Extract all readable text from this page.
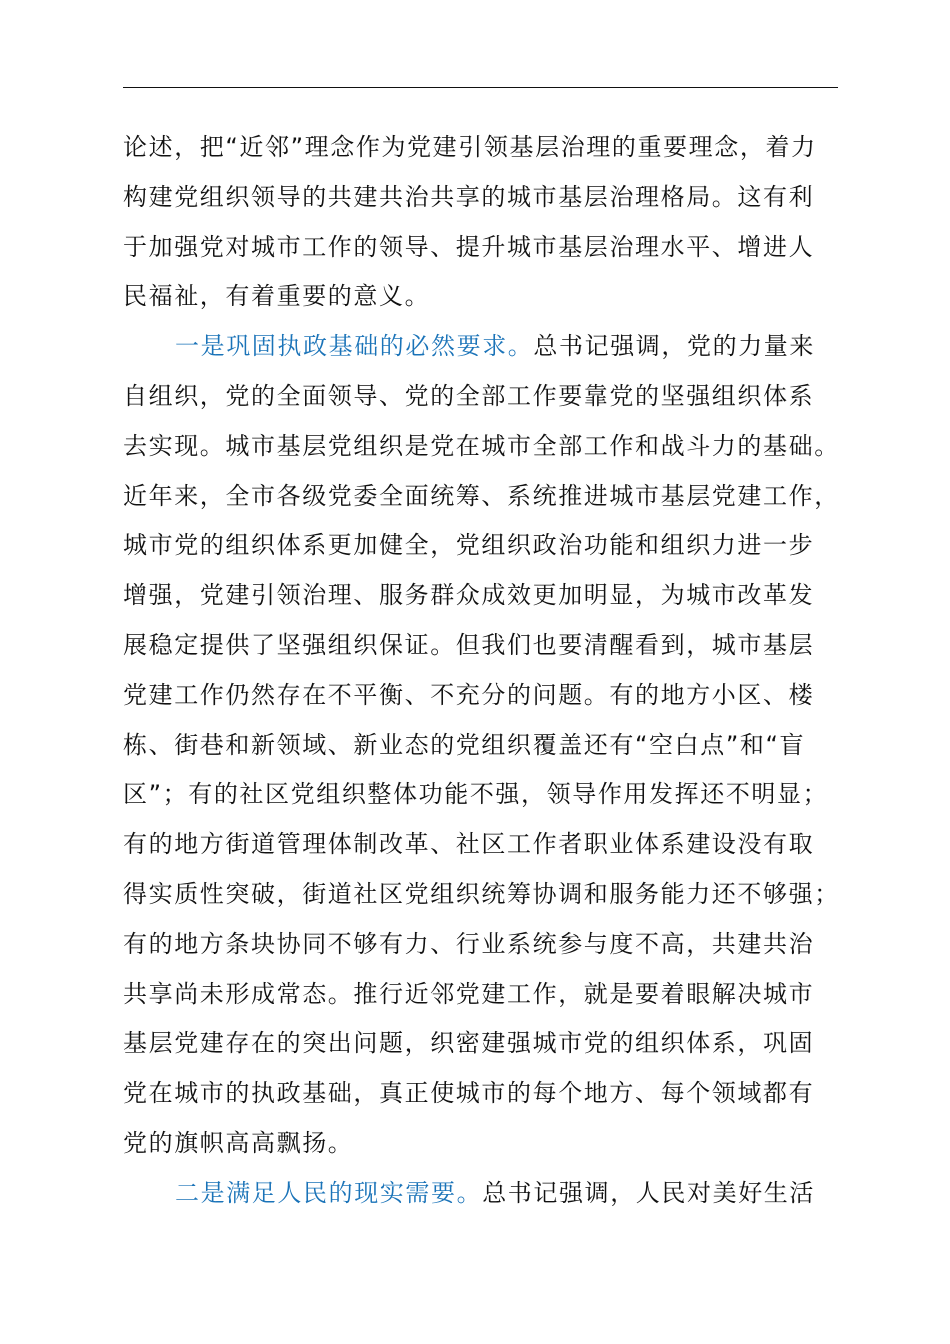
论述，把“近邻”理念作为党建引领基层治理的重要理念，着力
构建党组织领导的共建共治共享的城市基层治理格局。这有利
于加强党对城市工作的领导、提升城市基层治理水平、增进人
民福祉，有着重要的意义。
一是巩固执政基础的必然要求。总书记强调，党的力量来
自组织，党的全面领导、党的全部工作要靠党的坚强组织体系
去实现。城市基层党组织是党在城市全部工作和战斗力的基础。
近年来，全市各级党委全面统筹、系统推进城市基层党建工作，
城市党的组织体系更加健全，党组织政治功能和组织力进一步
增强，党建引领治理、服务群众成效更加明显，为城市改革发
展稳定提供了坚强组织保证。但我们也要清醒看到，城市基层
党建工作仍然存在不平衡、不充分的问题。有的地方小区、楼
栋、街巷和新领域、新业态的党组织覆盖还有“空白点”和“盲
区”；有的社区党组织整体功能不强，领导作用发挥还不明显；
有的地方街道管理体制改革、社区工作者职业体系建设没有取
得实质性突破，街道社区党组织统筹协调和服务能力还不够强；
有的地方条块协同不够有力、行业系统参与度不高，共建共治
共享尚未形成常态。推行近邻党建工作，就是要着眼解决城市
基层党建存在的突出问题，织密建强城市党的组织体系，巩固
党在城市的执政基础，真正使城市的每个地方、每个领域都有
党的旗帜高高飘扬。
二是满足人民的现实需要。总书记强调，人民对美好生活
